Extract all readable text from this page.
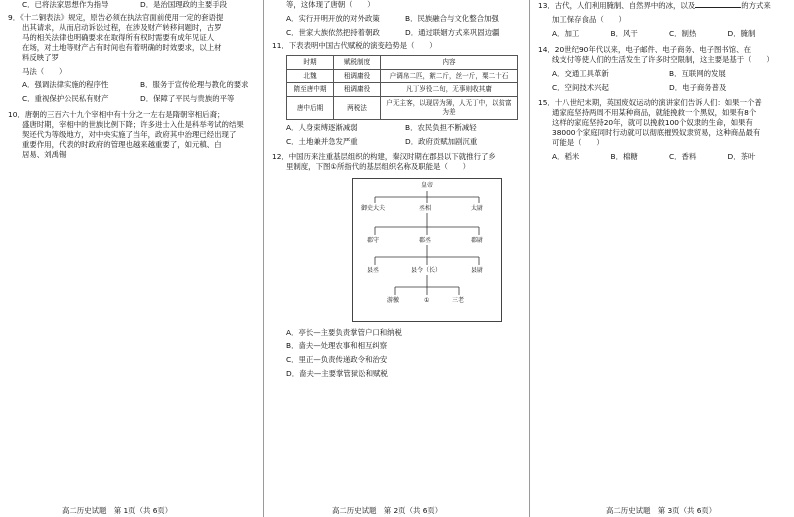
C．已将法家思想作为指导	D．是治国理政的主要手段

9．《十二铜表法》规定，原告必须在执法官面前使用一定的套语提

出其请求，从而启动诉讼过程，在涉及财产转移问题时，古罗

马的相关法律也明确要求在取得所有权时需要有成年见证人

在场，对土地等财产占有时间也有着明确的时效要求，以上材

料反映了罗

马法（　　）

A．强调法律实施的程序性	B．服务于宣传伦理与教化的要求
C．重视保护公民私有财产	D．保障了平民与贵族的平等

10．唐朝的三百六十九个宰相中有十分之一左右是隋朝宰相后裔；

盛唐时期，宰相中的世族比例下降；许多进士入仕是科举考试的结果

契还代为等级地方，对中央实施了当年，政府其中治理已经出现了

重要作用，代表的时政府的管理也越来越重要了，如元稹、白

居易、刘禹锡

等，这体现了唐朝（　　）

A．实行开明开放的对外政策	B．民族融合与文化整合加强
C．世家大族依然把持着朝政	D．通过联姻方式来巩固边疆

11．下表表明中国古代赋税的演变趋势是（　　）

时期	赋税制度	内容
北魏	租调庸役	户调帛二匹，絮二斤，丝一斤，粟二十石
隋至唐中期	租调庸役	凡丁岁役二旬，无事则收其庸
唐中后期	两税法	户无主客，以现居为簿，人无丁中，以贫富为差
A．人身束缚逐渐减弱	B．农民负担不断减轻
C．土地兼并急发严重	D．政府贡赋加剧沉重

12．中国历来注重基层组织的构建，秦汉时期在郡县以下就推行了乡

里制度，下图①所指代的基层组织名称及职能是（　　）

皇帝
御史大夫	丞相	太尉
郡守	郡丞	郡尉
县丞	县令（长）	县尉
游徼	①	三老

A．亭长—主要负责掌管户口和纳税

B．啬夫—处理农事和相互纠察

C．里正—负责传递政令和治安

D．啬夫—主要掌管狱讼和赋税

13．古代，人们利用腌制、自然界中的冰，以及	的方式来

加工保存食品（　　）

A．加工	B．风干	C．制热	D．腌制

14．20世纪90年代以来，电子邮件、电子商务、电子图书馆、在

线支付等使人们的生活发生了许多时空限制，这主要是基于（　　）

A．交通工具革新	B．互联网的发展
C．空间技术兴起	D．电子商务普及

15．十八世纪末期，英国废奴运动的演讲家们告诉人们：如果一个普

通家庭坚持两周不用某种商品，就能挽救一个黑奴，如果有8个

这样的家庭坚持20年，就可以挽救100个奴隶的生命，如果有

38000个家庭同时行动就可以彻底摧毁奴隶贸易，这种商品最有

可能是（　　）

A．稻米	B．棉糖	C．香料	D．茶叶
高二历史试题　第 1页（共 6页）	高二历史试题　第 2页（共 6页）	高二历史试题　第 3页（共 6页）
